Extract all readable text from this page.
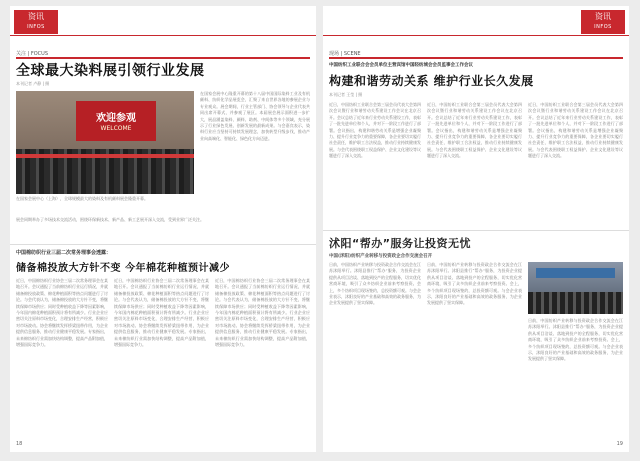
资讯
INFOS
关注 | FOCUS
全球最大染料展引领行业发展
本刊记者 卢静 | 摄
欢迎参观
WELCOME
在国家会展中心（上海），全球规模最大的染料及有机颜料展会隆重开幕。
在国家会展中心隆重开幕的第十八届中国国际染料工业及有机颜料、纺织化学品展览会，汇聚了来自世界各地的参展企业与专业观众。展会期间，行业主管部门、协会领导与企业代表共同出席开幕式，并参观了展区。本届展会展示面积进一步扩大，展品涵盖染料、颜料、助剂、中间体等多个领域，充分展示了行业绿色发展、创新发展的最新成果。与会嘉宾表示，染料行业应当坚持可持续发展理念，加快转型升级步伐，推动产业向高端化、智能化、绿色化方向迈进。
展会同期举办了多场技术交流活动，围绕环保新技术、新产品、新工艺展开深入交流，受到业界广泛关注。
中国棉纺织行业三届二次常务理事会透露：
储备棉投放大方针不变 今年棉花种植预计减少
近日，中国棉纺织行业协会三届二次常务理事会在某地召开。会议通报了当前棉纺织行业运行情况，并就储备棉投放政策、棉花种植面积等热点问题进行了讨论。与会代表认为，储备棉投放的大方针不变，将继续保障市场供应；同时受种植收益下降等因素影响，今年国内棉花种植面积预计将有所减少。行业企业应密切关注原料市场变化，合理安排生产经营，积极应对市场波动。协会将继续发挥桥梁纽带作用，为企业提供信息服务，推动行业健康平稳发展。专家指出，未来棉纺织行业需加快结构调整，提高产品附加值，增强国际竞争力。
近日，中国棉纺织行业协会三届二次常务理事会在某地召开。会议通报了当前棉纺织行业运行情况，并就储备棉投放政策、棉花种植面积等热点问题进行了讨论。与会代表认为，储备棉投放的大方针不变，将继续保障市场供应；同时受种植收益下降等因素影响，今年国内棉花种植面积预计将有所减少。行业企业应密切关注原料市场变化，合理安排生产经营，积极应对市场波动。协会将继续发挥桥梁纽带作用，为企业提供信息服务，推动行业健康平稳发展。专家指出，未来棉纺织行业需加快结构调整，提高产品附加值，增强国际竞争力。
近日，中国棉纺织行业协会三届二次常务理事会在某地召开。会议通报了当前棉纺织行业运行情况，并就储备棉投放政策、棉花种植面积等热点问题进行了讨论。与会代表认为，储备棉投放的大方针不变，将继续保障市场供应；同时受种植收益下降等因素影响，今年国内棉花种植面积预计将有所减少。行业企业应密切关注原料市场变化，合理安排生产经营，积极应对市场波动。协会将继续发挥桥梁纽带作用，为企业提供信息服务，推动行业健康平稳发展。专家指出，未来棉纺织行业需加快结构调整，提高产品附加值，增强国际竞争力。
18
资讯
INFOS
现场 | SCENE
中国纺织工业联合会会员单位主营宾馆中国轻纺城会会员监事会工作会议
构建和谐劳动关系 维护行业长久发展
本刊记者 王莹 | 摄
近日，中国纺织工业联合会第三届会员代表大会第四次会议暨行业和谐劳动关系建设工作会议在北京召开。会议总结了近年来行业劳动关系建设工作，表彰了一批先进单位和个人，并对下一阶段工作进行了部署。会议指出，构建和谐劳动关系是增强企业凝聚力、提升行业竞争力的重要保障，各企业要切实履行社会责任，维护职工合法权益，推动行业持续健康发展。与会代表围绕职工权益保护、企业文化建设等议题进行了深入交流。
近日，中国纺织工业联合会第三届会员代表大会第四次会议暨行业和谐劳动关系建设工作会议在北京召开。会议总结了近年来行业劳动关系建设工作，表彰了一批先进单位和个人，并对下一阶段工作进行了部署。会议指出，构建和谐劳动关系是增强企业凝聚力、提升行业竞争力的重要保障，各企业要切实履行社会责任，维护职工合法权益，推动行业持续健康发展。与会代表围绕职工权益保护、企业文化建设等议题进行了深入交流。
近日，中国纺织工业联合会第三届会员代表大会第四次会议暨行业和谐劳动关系建设工作会议在北京召开。会议总结了近年来行业劳动关系建设工作，表彰了一批先进单位和个人，并对下一阶段工作进行了部署。会议指出，构建和谐劳动关系是增强企业凝聚力、提升行业竞争力的重要保障，各企业要切实履行社会责任，维护职工合法权益，推动行业持续健康发展。与会代表围绕职工权益保护、企业文化建设等议题进行了深入交流。
沭阳“帮办”服务让投资无忧
中国(沭阳)纺织产业转移与投资政企合作交流会召开
日前，中国纺织产业转移与投资政企合作交流会在江苏沭阳举行。沭阳县推行“帮办”服务，为投资企业提供从项目洽谈、落地到投产的全程服务，切实优化营商环境，吸引了众多纺织企业前来考察投资。会上，多个纺织项目现场签约，总投资额可观。与会企业表示，沭阳良好的产业基础和高效的政务服务，为企业发展提供了坚实保障。
日前，中国纺织产业转移与投资政企合作交流会在江苏沭阳举行。沭阳县推行“帮办”服务，为投资企业提供从项目洽谈、落地到投产的全程服务，切实优化营商环境，吸引了众多纺织企业前来考察投资。会上，多个纺织项目现场签约，总投资额可观。与会企业表示，沭阳良好的产业基础和高效的政务服务，为企业发展提供了坚实保障。
日前，中国纺织产业转移与投资政企合作交流会在江苏沭阳举行。沭阳县推行“帮办”服务，为投资企业提供从项目洽谈、落地到投产的全程服务，切实优化营商环境，吸引了众多纺织企业前来考察投资。会上，多个纺织项目现场签约，总投资额可观。与会企业表示，沭阳良好的产业基础和高效的政务服务，为企业发展提供了坚实保障。
19
